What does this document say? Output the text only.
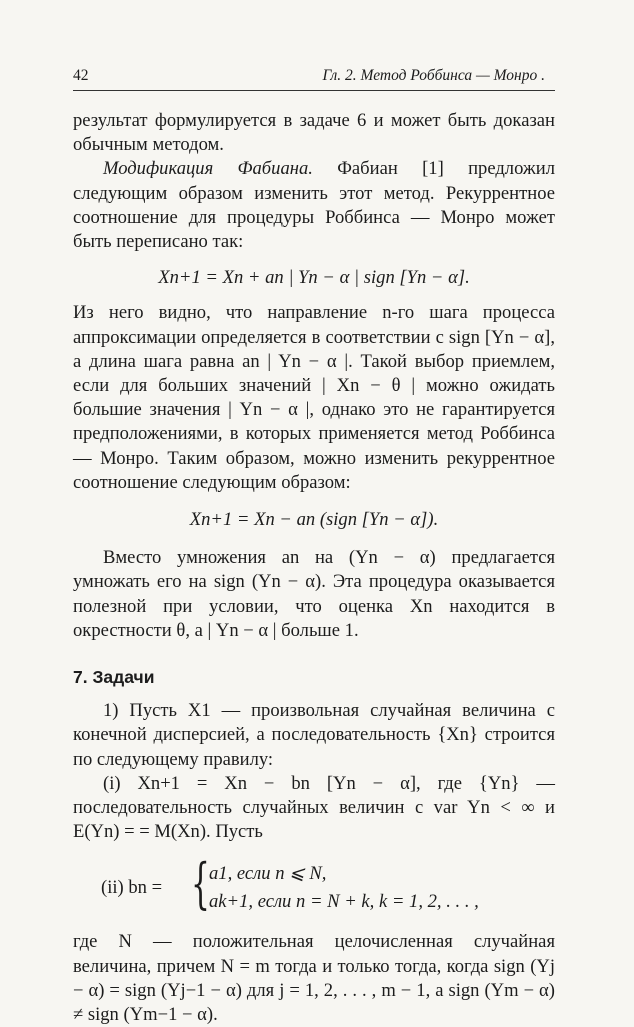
42	Гл. 2. Метод Роббинса — Монро .

результат формулируется в задаче 6 и может быть доказан обычным методом.

Модификация Фабиана. Фабиан [1] предложил следующим образом изменить этот метод. Рекуррентное соотношение для процедуры Роббинса — Монро может быть переписано так:

Xn+1 = Xn + an | Yn − α | sign [Yn − α].

Из него видно, что направление n-го шага процесса аппроксимации определяется в соответствии с sign [Yn − α], а длина шага равна an | Yn − α |. Такой выбор приемлем, если для больших значений | Xn − θ | можно ожидать большие значения | Yn − α |, однако это не гарантируется предположениями, в которых применяется метод Роббинса — Монро. Таким образом, можно изменить рекуррентное соотношение следующим образом:

Xn+1 = Xn − an (sign [Yn − α]).

Вместо умножения an на (Yn − α) предлагается умножать его на sign (Yn − α). Эта процедура оказывается полезной при условии, что оценка Xn находится в окрестности θ, а | Yn − α | больше 1.

7. Задачи

1) Пусть X1 — произвольная случайная величина с конечной дисперсией, а последовательность {Xn} строится по следующему правилу:

(i) Xn+1 = Xn − bn [Yn − α], где {Yn} — последовательность случайных величин с var Yn < ∞ и E(Yn) = = M(Xn). Пусть

(ii) bn = { a1, если n ⩽ N,
ak+1, если n = N + k, k = 1, 2, . . . ,

где N — положительная целочисленная случайная величина, причем N = m тогда и только тогда, когда sign (Yj − α) = sign (Yj−1 − α) для j = 1, 2, . . . , m − 1, а sign (Ym − α) ≠ sign (Ym−1 − α).
